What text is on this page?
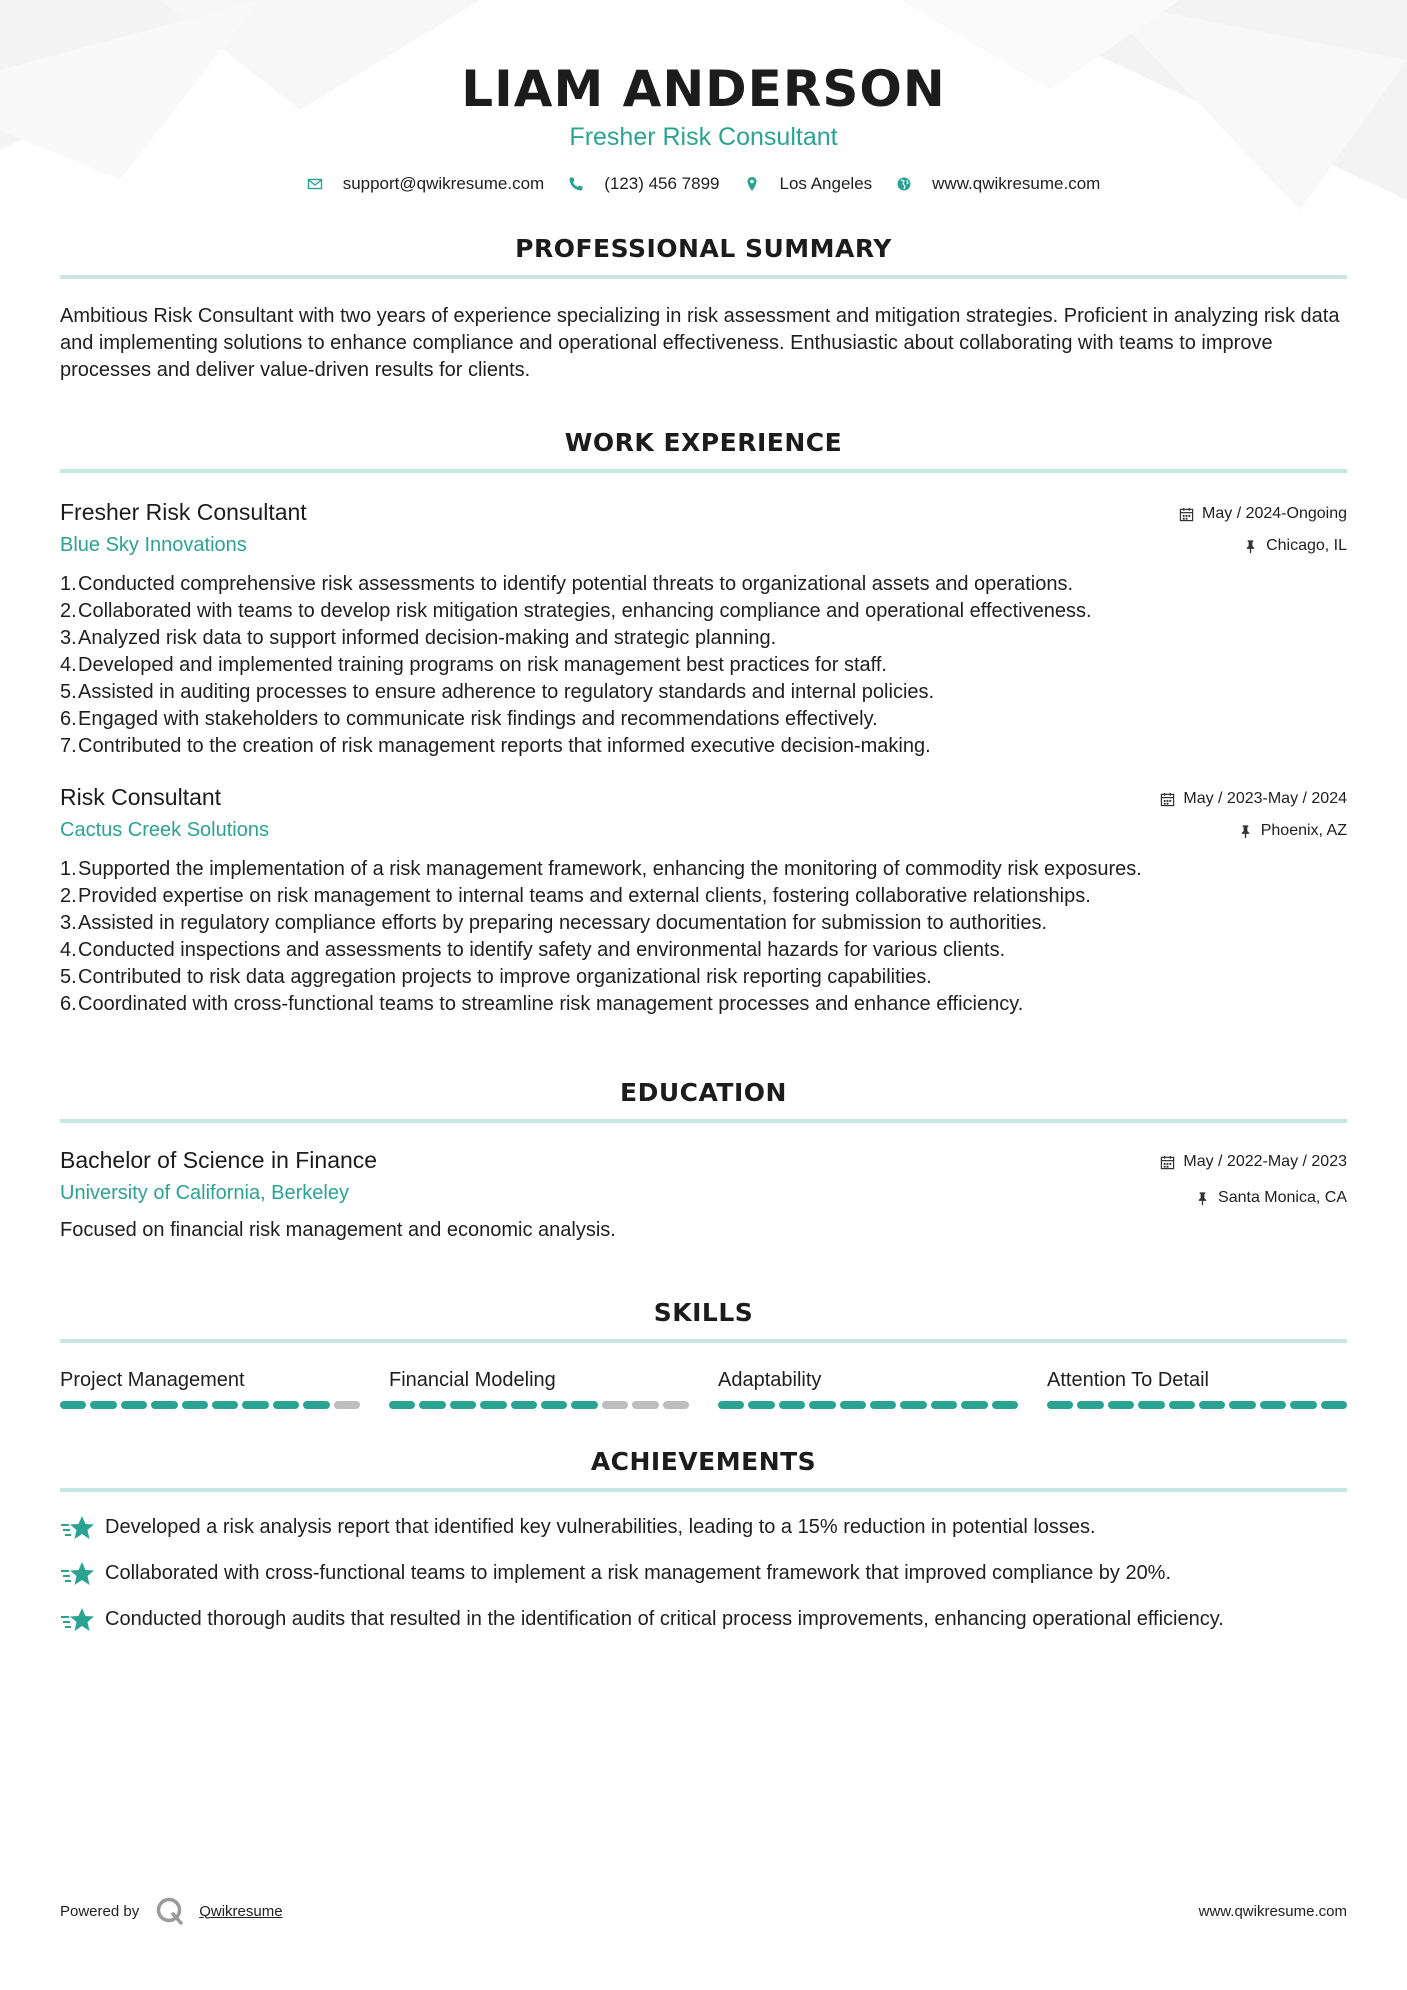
LIAM ANDERSON
Fresher Risk Consultant
support@qwikresume.com	(123) 456 7899	Los Angeles	www.qwikresume.com
PROFESSIONAL SUMMARY
Ambitious Risk Consultant with two years of experience specializing in risk assessment and mitigation strategies. Proficient in analyzing risk data and implementing solutions to enhance compliance and operational effectiveness. Enthusiastic about collaborating with teams to improve processes and deliver value-driven results for clients.
WORK EXPERIENCE
Fresher Risk Consultant
Blue Sky Innovations
May / 2024-Ongoing
Chicago, IL
1. Conducted comprehensive risk assessments to identify potential threats to organizational assets and operations.
2. Collaborated with teams to develop risk mitigation strategies, enhancing compliance and operational effectiveness.
3. Analyzed risk data to support informed decision-making and strategic planning.
4. Developed and implemented training programs on risk management best practices for staff.
5. Assisted in auditing processes to ensure adherence to regulatory standards and internal policies.
6. Engaged with stakeholders to communicate risk findings and recommendations effectively.
7. Contributed to the creation of risk management reports that informed executive decision-making.
Risk Consultant
Cactus Creek Solutions
May / 2023-May / 2024
Phoenix, AZ
1. Supported the implementation of a risk management framework, enhancing the monitoring of commodity risk exposures.
2. Provided expertise on risk management to internal teams and external clients, fostering collaborative relationships.
3. Assisted in regulatory compliance efforts by preparing necessary documentation for submission to authorities.
4. Conducted inspections and assessments to identify safety and environmental hazards for various clients.
5. Contributed to risk data aggregation projects to improve organizational risk reporting capabilities.
6. Coordinated with cross-functional teams to streamline risk management processes and enhance efficiency.
EDUCATION
Bachelor of Science in Finance
University of California, Berkeley
May / 2022-May / 2023
Santa Monica, CA
Focused on financial risk management and economic analysis.
SKILLS
Project Management	Financial Modeling	Adaptability	Attention To Detail
ACHIEVEMENTS
Developed a risk analysis report that identified key vulnerabilities, leading to a 15% reduction in potential losses.
Collaborated with cross-functional teams to implement a risk management framework that improved compliance by 20%.
Conducted thorough audits that resulted in the identification of critical process improvements, enhancing operational efficiency.
Powered by	Qwikresume	www.qwikresume.com
